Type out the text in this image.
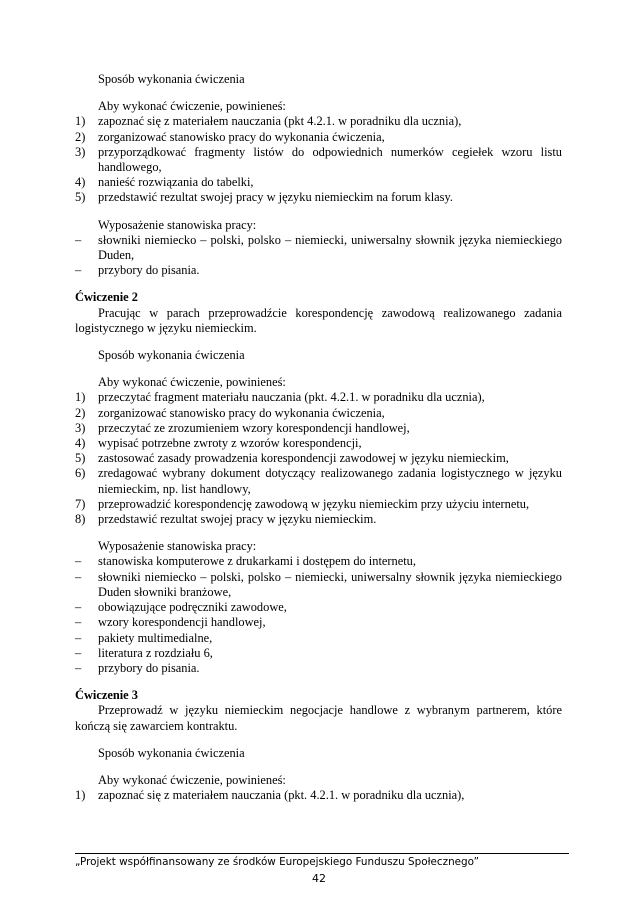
Sposób wykonania ćwiczenia
Aby wykonać ćwiczenie, powinieneś:
1) zapoznać się z materiałem nauczania (pkt 4.2.1. w poradniku dla ucznia),
2) zorganizować stanowisko pracy do wykonania ćwiczenia,
3) przyporządkować fragmenty listów do odpowiednich numerków cegiełek wzoru listu handlowego,
4) nanieść rozwiązania do tabelki,
5) przedstawić rezultat swojej pracy w języku niemieckim na forum klasy.
Wyposażenie stanowiska pracy:
– słowniki niemiecko – polski, polsko – niemiecki, uniwersalny słownik języka niemieckiego Duden,
– przybory do pisania.
Ćwiczenie 2
Pracując w parach przeprowadźcie korespondencję zawodową realizowanego zadania logistycznego w języku niemieckim.
Sposób wykonania ćwiczenia
Aby wykonać ćwiczenie, powinieneś:
1) przeczytać fragment materiału nauczania (pkt. 4.2.1. w poradniku dla ucznia),
2) zorganizować stanowisko pracy do wykonania ćwiczenia,
3) przeczytać ze zrozumieniem wzory korespondencji handlowej,
4) wypisać potrzebne zwroty z wzorów korespondencji,
5) zastosować zasady prowadzenia korespondencji zawodowej w języku niemieckim,
6) zredagować wybrany dokument dotyczący realizowanego zadania logistycznego w języku niemieckim, np. list handlowy,
7) przeprowadzić korespondencję zawodową w języku niemieckim przy użyciu internetu,
8) przedstawić rezultat swojej pracy w języku niemieckim.
Wyposażenie stanowiska pracy:
– stanowiska komputerowe z drukarkami i dostępem do internetu,
– słowniki niemiecko – polski, polsko – niemiecki, uniwersalny słownik języka niemieckiego Duden słowniki branżowe,
– obowiązujące podręczniki zawodowe,
– wzory korespondencji handlowej,
– pakiety multimedialne,
– literatura z rozdziału 6,
– przybory do pisania.
Ćwiczenie 3
Przeprowadź w języku niemieckim negocjacje handlowe z wybranym partnerem, które kończą się zawarciem kontraktu.
Sposób wykonania ćwiczenia
Aby wykonać ćwiczenie, powinieneś:
1) zapoznać się z materiałem nauczania (pkt. 4.2.1. w poradniku dla ucznia),
„Projekt współfinansowany ze środków Europejskiego Funduszu Społecznego”
42
